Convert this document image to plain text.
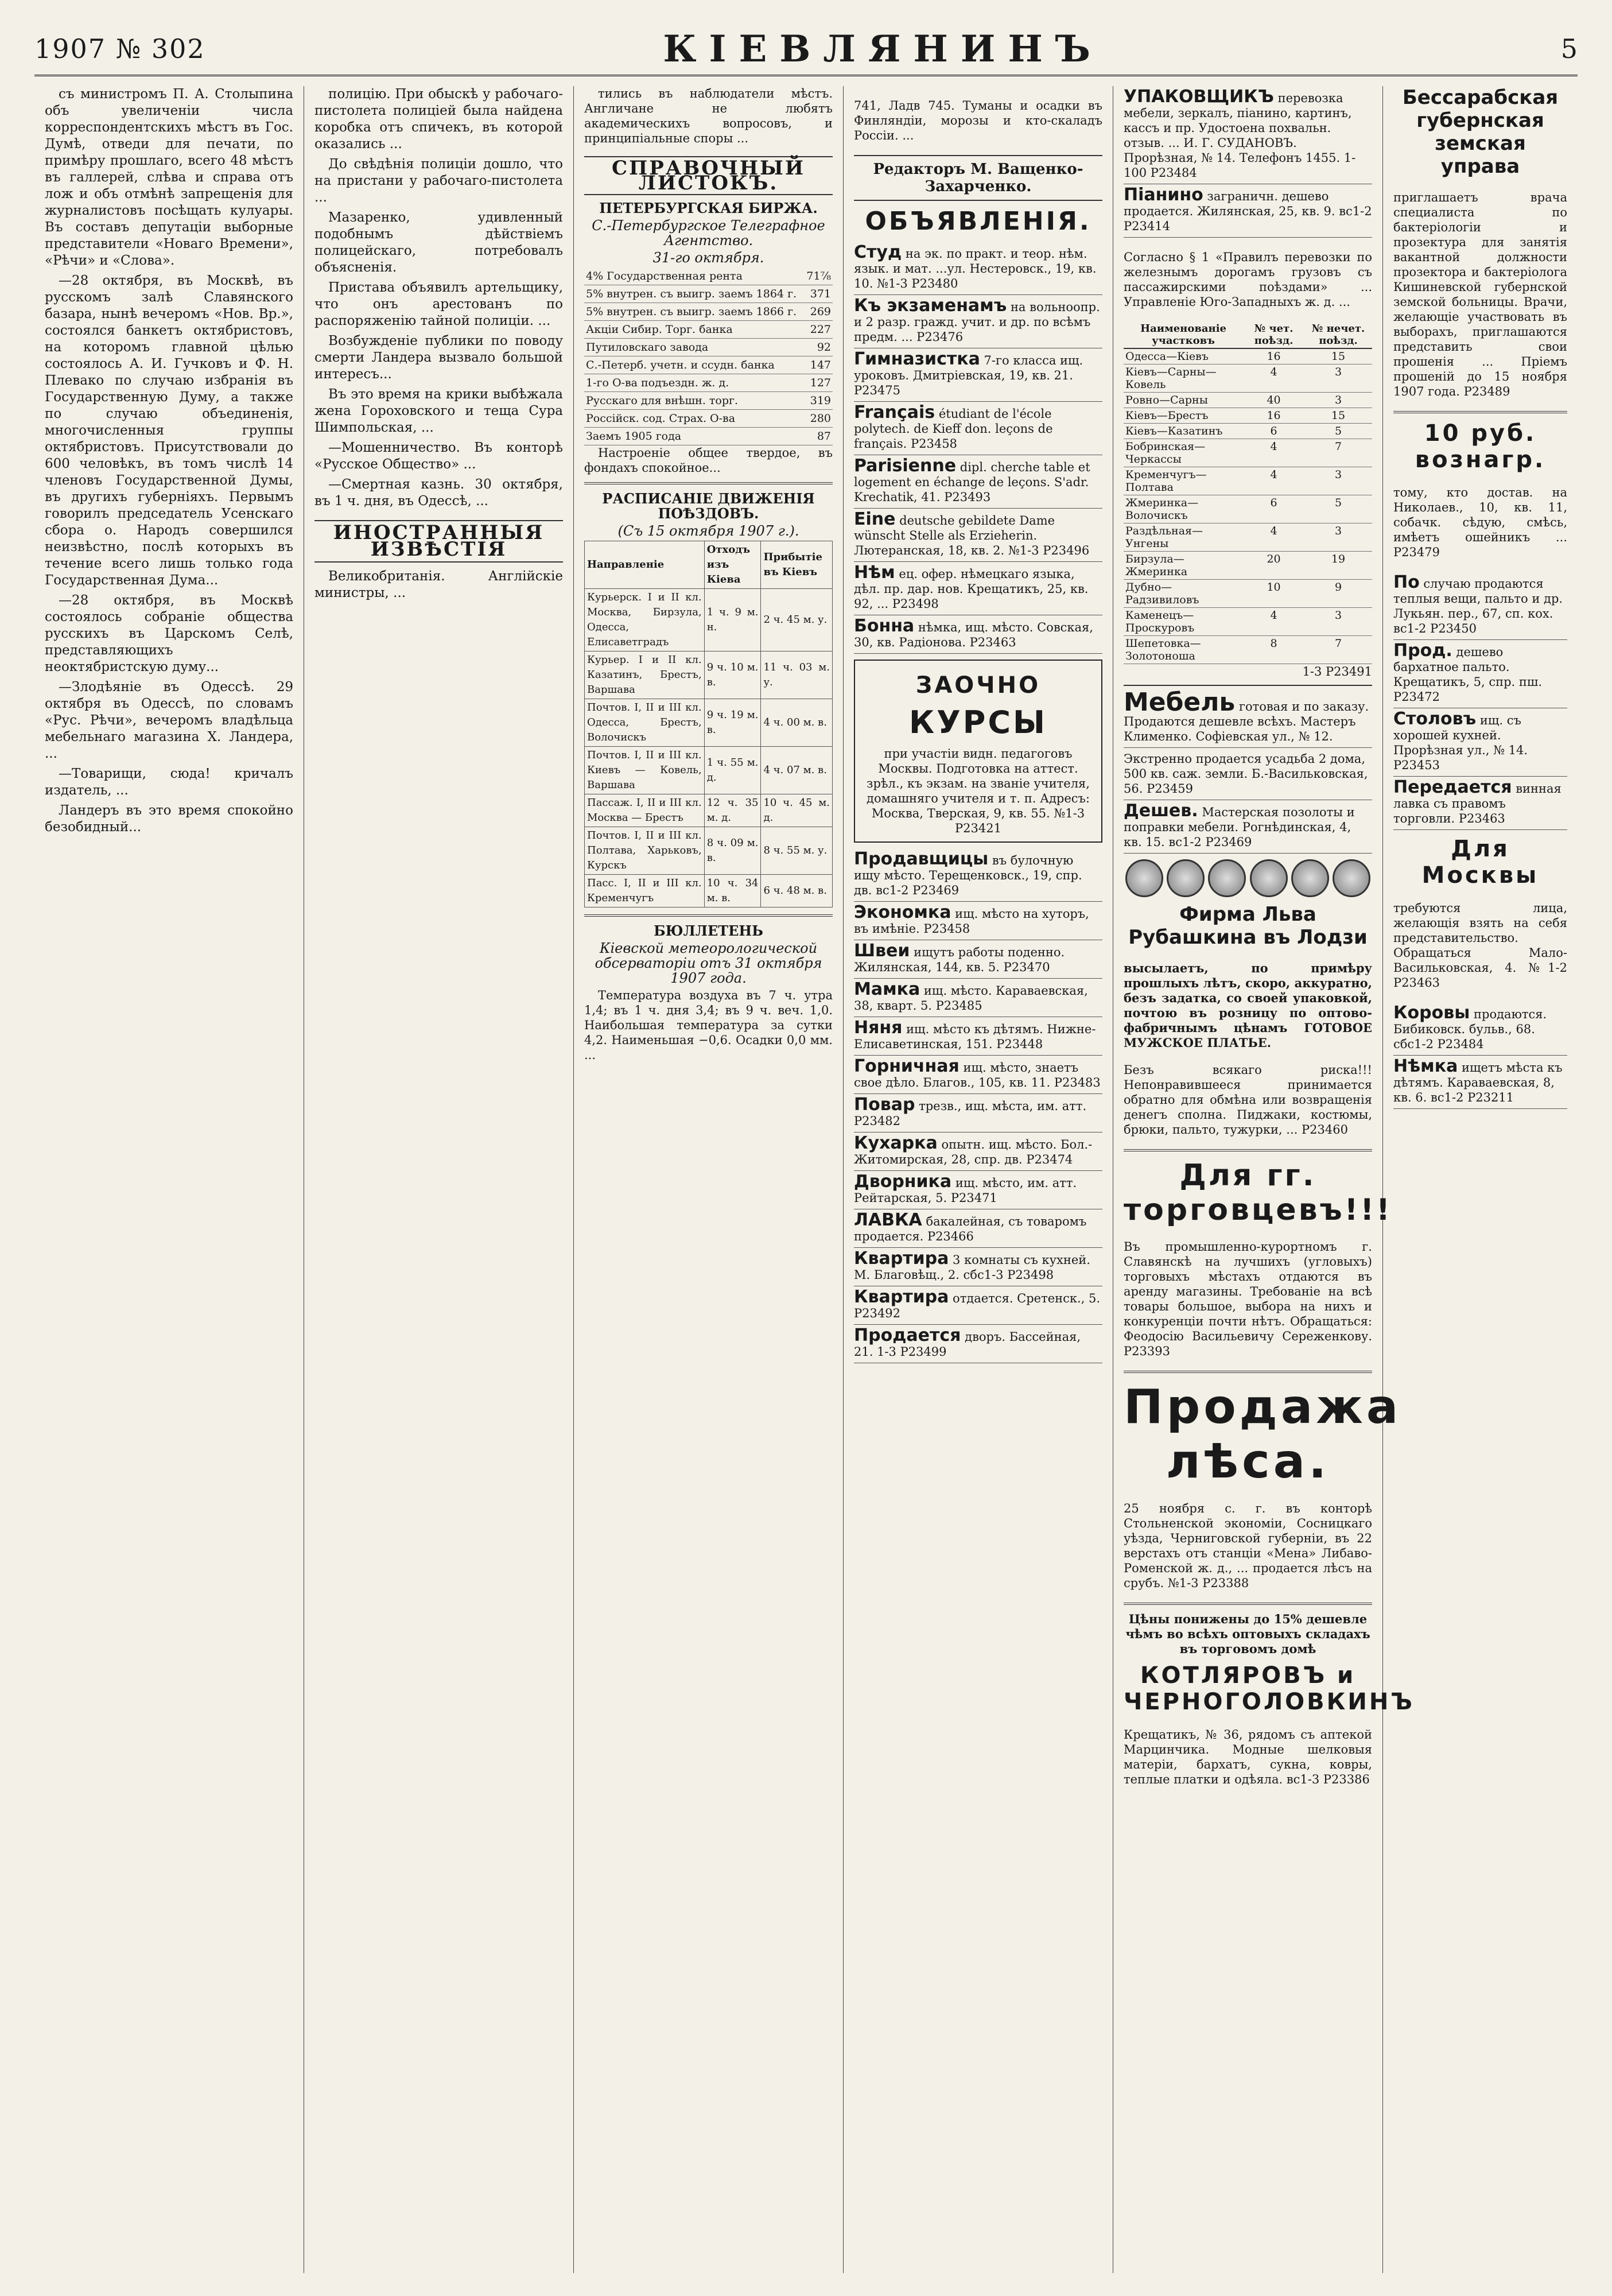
1907 № 302	КІЕВЛЯНИНЪ	5

съ министромъ П. А. Столыпина объ увеличеніи числа корреспондентскихъ мѣстъ въ Гос. Думѣ, отведи для печати, по примѣру прошлаго, всего 48 мѣстъ въ галлерей, слѣва и справа отъ лож и объ отмѣнѣ запрещенія для журналистовъ посѣщать кулуары. Въ составъ депутаціи выборные представители «Новаго Времени», «Рѣчи» и «Слова».

—28 октября, въ Москвѣ, въ русскомъ залѣ Славянского базара, нынѣ вечеромъ «Нов. Вр.», состоялся банкетъ октябристовъ, на которомъ главной цѣлью состоялось А. И. Гучковъ и Ф. Н. Плевако по случаю избранія въ Государственную Думу, а также по случаю объединенія, многочисленныя группы октябристовъ. Присутствовали до 600 человѣкъ, въ томъ числѣ 14 членовъ Государственной Думы, въ другихъ губерніяхъ. Первымъ говорилъ председатель Усенскаго сбора о. Народъ совершился неизвѣстно, послѣ которыхъ въ течение всего лишь только года Государственная Дума...

—28 октября, въ Москвѣ состоялось собраніе общества русскихъ въ Царскомъ Селѣ, представляющихъ неоктябристскую думу...

—Злодѣяніе въ Одессѣ. 29 октября въ Одессѣ, по словамъ «Рус. Рѣчи», вечеромъ владѣльца мебельнаго магазина Х. Ландера, ...

—Товарищи, сюда! кричалъ издатель, ...

Ландеръ въ это время спокойно безобидный...

полицію. При обыскѣ у рабочаго-пистолета полиціей была найдена коробка отъ спичекъ, въ которой оказались ...

До свѣдѣнія полиціи дошло, что на пристани у рабочаго-пистолета ...

Мазаренко, удивленный подобнымъ дѣйствіемъ полицейскаго, потребовалъ объясненія.

Пристава объявилъ артельщику, что онъ арестованъ по распоряженію тайной полиціи. ...

Возбужденіе публики по поводу смерти Ландера вызвало большой интересъ...

Въ это время на крики выбѣжала жена Гороховского и теща Сура Шимпольская, ...

—Мошенничество. Въ конторѣ «Русское Общество» ...

—Смертная казнь. 30 октября, въ 1 ч. дня, въ Одессѣ, ...

ИНОСТРАННЫЯ ИЗВѢСТІЯ

Великобританія. Англійскіе министры, ...

тились въ наблюдатели мѣстъ. Англичане не любятъ академическихъ вопросовъ, и принципіальные споры ...

СПРАВОЧНЫЙ ЛИСТОКЪ.
ПЕТЕРБУРГСКАЯ БИРЖА.
С.-Петербургское Телеграфное Агентство.
31-го октября.
4% Государственная рента	71⅞
5% внутрен. съ выигр. заемъ 1864 г.	371
5% внутрен. съ выигр. заемъ 1866 г.	269
Акціи Сибир. Торг. банка	227
Путиловскаго завода	92
С.-Петерб. учетн. и ссудн. банка	147
1-го О-ва подъездн. ж. д.	127
Русскаго для внѣшн. торг.	319
Россійск. сод. Страх. О-ва	280
Заемъ 1905 года	87

Настроеніе общее твердое, въ фондахъ спокойное...

РАСПИСАНІЕ ДВИЖЕНІЯ ПОѢЗДОВЪ.
(Съ 15 октября 1907 г.).
Направленіе	Отходъ изъ Кіева	Прибытіе въ Кіевъ
Курьерск. I и II кл. Москва, Бирзула, Одесса, Елисаветградъ	1 ч. 9 м. н.	2 ч. 45 м. у.
Курьер. I и II кл. Казатинъ, Брестъ, Варшава	9 ч. 10 м. в.	11 ч. 03 м. у.
Почтов. I, II и III кл. Одесса, Брестъ, Волочискъ	9 ч. 19 м. в.	4 ч. 00 м. в.
Почтов. I, II и III кл. Киевъ — Ковель, Варшава	1 ч. 55 м. д.	4 ч. 07 м. в.
Пассаж. I, II и III кл. Москва — Брестъ	12 ч. 35 м. д.	10 ч. 45 м. д.
Почтов. I, II и III кл. Полтава, Харьковъ, Курскъ	8 ч. 09 м. в.	8 ч. 55 м. у.
Пасс. I, II и III кл. Кременчугъ	10 ч. 34 м. в.	6 ч. 48 м. в.
БЮЛЛЕТЕНЬ
Кіевской метеорологической обсерваторіи отъ 31 октября 1907 года.

Температура воздуха въ 7 ч. утра 1,4; въ 1 ч. дня 3,4; въ 9 ч. веч. 1,0. Наибольшая температура за сутки 4,2. Наименьшая −0,6. Осадки 0,0 мм. ...

741, Ладв 745. Туманы и осадки въ Финляндіи, морозы и кто-скаладъ Россіи. ...

Редакторъ М. Ващенко-Захарченко.
ОБЪЯВЛЕНІЯ.
Студ на эк. по практ. и теор. нѣм. язык. и мат. ...ул. Нестеровск., 19, кв. 10. №1-3 Р23480
Къ экзаменамъ на вольноопр. и 2 разр. гражд. учит. и др. по всѣмъ предм. ... Р23476
Гимназистка 7-го класса ищ. уроковъ. Дмитріевская, 19, кв. 21. Р23475
Français étudiant de l'école polytech. de Kieff don. leçons de français. Р23458
Parisienne dipl. cherche table et logement en échange de leçons. S'adr. Krechatik, 41. Р23493
Eine deutsche gebildete Dame wünscht Stelle als Erzieherin. Лютеранская, 18, кв. 2. №1-3 Р23496
Нѣм ец. офер. нѣмецкаго языка, дѣл. пр. дар. нов. Крещатикъ, 25, кв. 92, ... Р23498
Бонна нѣмка, ищ. мѣсто. Совская, 30, кв. Радіонова. Р23463
ЗАОЧНО
КУРСЫ
при участіи видн. педагоговъ Москвы. Подготовка на аттест. зрѣл., къ экзам. на званіе учителя, домашняго учителя и т. п. Адресъ: Москва, Тверская, 9, кв. 55. №1-3 Р23421
Продавщицы въ булочную ищу мѣсто. Терещенковск., 19, спр. дв. вс1-2 Р23469
Экономка ищ. мѣсто на хуторъ, въ имѣніе. Р23458
Швеи ищутъ работы поденно. Жилянская, 144, кв. 5. Р23470
Мамка ищ. мѣсто. Караваевская, 38, кварт. 5. Р23485
Няня ищ. мѣсто къ дѣтямъ. Нижне-Елисаветинская, 151. Р23448
Горничная ищ. мѣсто, знаетъ свое дѣло. Благов., 105, кв. 11. Р23483
Повар трезв., ищ. мѣста, им. атт. Р23482
Кухарка опытн. ищ. мѣсто. Бол.-Житомирская, 28, спр. дв. Р23474
Дворника ищ. мѣсто, им. атт. Рейтарская, 5. Р23471
ЛАВКА бакалейная, съ товаромъ продается. Р23466
Квартира 3 комнаты съ кухней. М. Благовѣщ., 2. сбс1-3 Р23498
Квартира отдается. Сретенск., 5. Р23492
Продается дворъ. Бассейная, 21. 1-3 Р23499
УПАКОВЩИКЪ перевозка мебели, зеркалъ, піанино, картинъ, кассъ и пр. Удостоена похвальн. отзыв. ... И. Г. СУДАНОВЪ. Прорѣзная, № 14. Телефонъ 1455. 1-100 Р23484
Піанино заграничн. дешево продается. Жилянская, 25, кв. 9. вс1-2 Р23414

Согласно § 1 «Правилъ перевозки по железнымъ дорогамъ грузовъ съ пассажирскими поѣздами» ... Управленіе Юго-Западныхъ ж. д. ...

Наименованіе участковъ	№ чет. поѣзд.	№ нечет. поѣзд.
Одесса—Кіевъ	16	15
Кіевъ—Сарны—Ковель	4	3
Ровно—Сарны	40	3
Кіевъ—Брестъ	16	15
Кіевъ—Казатинъ	6	5
Бобринская—Черкассы	4	7
Кременчугъ—Полтава	4	3
Жмеринка—Волочискъ	6	5
Раздѣльная—Унгены	4	3
Бирзула—Жмеринка	20	19
Дубно—Радзивиловъ	10	9
Каменецъ—Проскуровъ	4	3
Шепетовка—Золотоноша	8	7
1-3 Р23491
Мебель готовая и по заказу. Продаются дешевле всѣхъ. Мастеръ Клименко. Софіевская ул., № 12.
Экстренно продается усадьба 2 дома, 500 кв. саж. земли. Б.-Васильковская, 56. Р23459
Дешев. Мастерская позолоты и поправки мебели. Рогнѣдинская, 4, кв. 15. вс1-2 Р23469
Фирма Льва Рубашкина въ Лодзи

высылаетъ, по примѣру прошлыхъ лѣтъ, скоро, аккуратно, безъ задатка, со своей упаковкой, почтою въ розницу по оптово-фабричнымъ цѣнамъ ГОТОВОЕ МУЖСКОЕ ПЛАТЬЕ.

Безъ всякаго риска!!! Непонравившееся принимается обратно для обмѣна или возвращенія денегъ сполна. Пиджаки, костюмы, брюки, пальто, тужурки, ... Р23460

Для гг. торговцевъ!!!

Въ промышленно-курортномъ г. Славянскѣ на лучшихъ (угловыхъ) торговыхъ мѣстахъ отдаются въ аренду магазины. Требованіе на всѣ товары большое, выбора на нихъ и конкуренціи почти нѣтъ. Обращаться: Феодосію Васильевичу Сереженкову. Р23393

Продажа лѣса.

25 ноября с. г. въ конторѣ Стольненской экономіи, Сосницкаго уѣзда, Черниговской губерніи, въ 22 верстахъ отъ станціи «Мена» Либаво-Роменской ж. д., ... продается лѣсъ на срубъ. №1-3 Р23388

Цѣны понижены до 15% дешевле чѣмъ во всѣхъ оптовыхъ складахъ въ торговомъ домѣ
КОТЛЯРОВЪ и ЧЕРНОГОЛОВКИНЪ

Крещатикъ, № 36, рядомъ съ аптекой Марцинчика. Модные шелковыя матеріи, бархатъ, сукна, ковры, теплые платки и одѣяла. вс1-3 Р23386

Бессарабская губернская земская управа

приглашаетъ врача специалиста по бактеріологіи и прозектура для занятія вакантной должности прозектора и бактеріолога Кишиневской губернской земской больницы. Врачи, желающіе участвовать въ выборахъ, приглашаются представить свои прошенія ... Пріемъ прошеній до 15 ноября 1907 года. Р23489

10 руб. вознагр.

тому, кто достав. на Николаев., 10, кв. 11, собачк. сѣдую, смѣсь, имѣетъ ошейникъ ... Р23479

По случаю продаются теплыя вещи, пальто и др. Лукьян. пер., 67, сп. кох. вс1-2 Р23450
Прод. дешево бархатное пальто. Крещатикъ, 5, спр. пш. Р23472
Столовъ ищ. съ хорошей кухней. Прорѣзная ул., № 14. Р23453
Передается винная лавка съ правомъ торговли. Р23463
Для Москвы

требуются лица, желающія взять на себя представительство. Обращаться Мало-Васильковская, 4. №1-2 Р23463

Коровы продаются. Бибиковск. бульв., 68. сбс1-2 Р23484
Нѣмка ищетъ мѣста къ дѣтямъ. Караваевская, 8, кв. 6. вс1-2 Р23211
